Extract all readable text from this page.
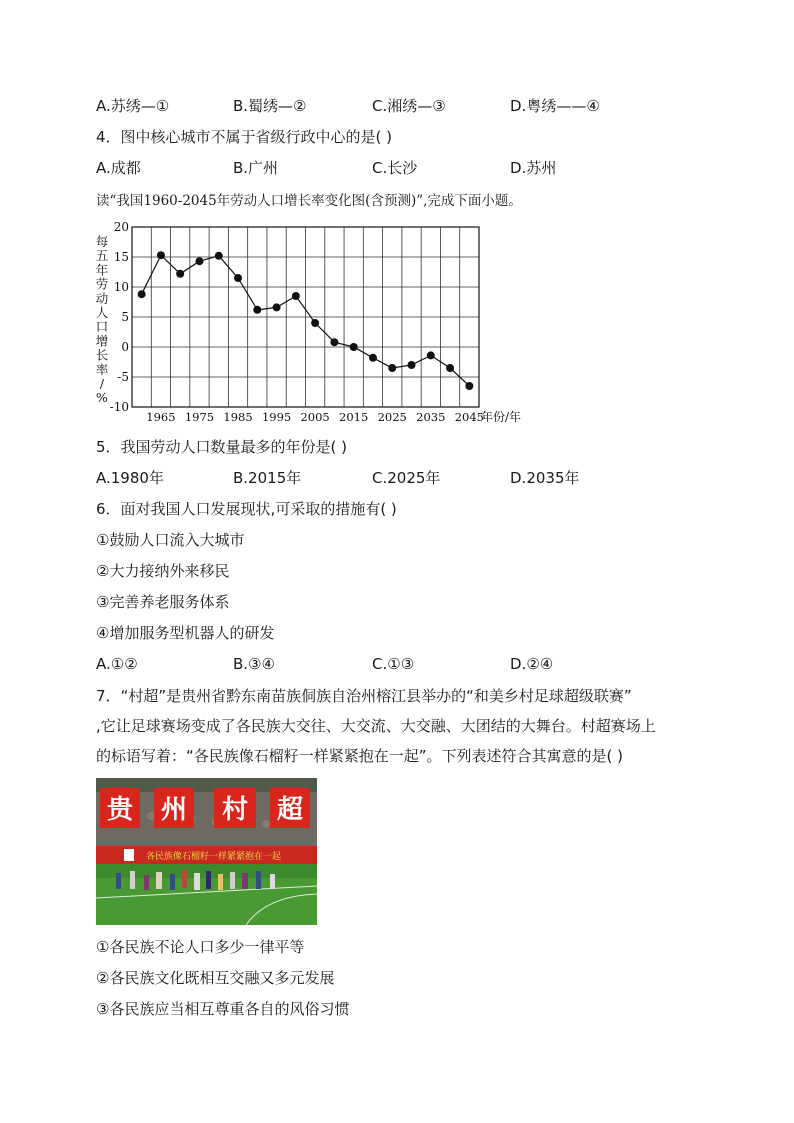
A.苏绣—①	B.蜀绣—②	C.湘绣—③	D.粤绣——④
4．图中核心城市不属于省级行政中心的是( )
A.成都	B.广州	C.长沙	D.苏州
读“我国1960-2045年劳动人口增长率变化图(含预测)”,完成下面小题。
20
15
10
5
0
-5
-10
1965 1975 1985 1995 2005 2015 2025 2035 2045
每
五
年
劳
动
人
口
增
长
率
/
%
年份/年
5．我国劳动人口数量最多的年份是( )
A.1980年	B.2015年	C.2025年	D.2035年
6．面对我国人口发展现状,可采取的措施有( )
①鼓励人口流入大城市
②大力接纳外来移民
③完善养老服务体系
④增加服务型机器人的研发
A.①②	B.③④	C.①③	D.②④
7．“村超”是贵州省黔东南苗族侗族自治州榕江县举办的“和美乡村足球超级联赛”
,它让足球赛场变成了各民族大交往、大交流、大交融、大团结的大舞台。村超赛场上
的标语写着：“各民族像石榴籽一样紧紧抱在一起”。下列表述符合其寓意的是( )
贵 州 村 超
各民族像石榴籽一样紧紧抱在一起
①各民族不论人口多少一律平等
②各民族文化既相互交融又多元发展
③各民族应当相互尊重各自的风俗习惯
